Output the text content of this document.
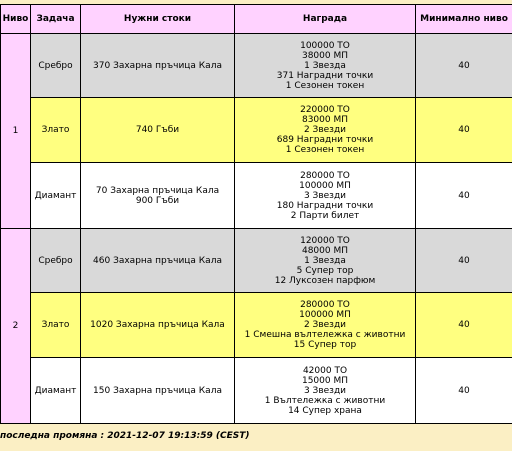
Ниво	Задача	Нужни стоки	Награда	Минимално ниво
1	Сребро	370 Захарна пръчица Кала	100000 ТО
38000 МП
1 Звезда
371 Наградни точки
1 Сезонен токен	40
	Злато	740 Гъби	220000 ТО
83000 МП
2 Звезди
689 Наградни точки
1 Сезонен токен	40
	Диамант	70 Захарна пръчица Кала
900 Гъби	280000 ТО
100000 МП
3 Звезди
180 Наградни точки
2 Парти билет	40
2	Сребро	460 Захарна пръчица Кала	120000 ТО
48000 МП
1 Звезда
5 Супер тор
12 Луксозен парфюм	40
	Злато	1020 Захарна пръчица Кала	280000 ТО
100000 МП
2 Звезди
1 Смешна вълтележка с животни
15 Супер тор	40
	Диамант	150 Захарна пръчица Кала	42000 ТО
15000 МП
3 Звезди
1 Вълтележка с животни
14 Супер храна	40
последна промяна : 2021-12-07 19:13:59 (CEST)
